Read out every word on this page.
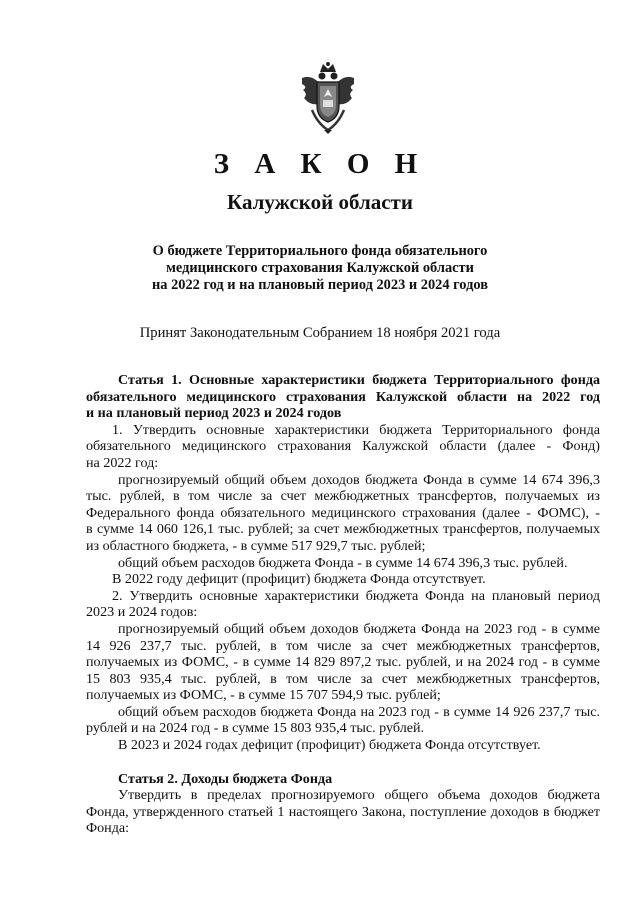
З А К О Н
Калужской области
О бюджете Территориального фонда обязательного
медицинского страхования Калужской области
на 2022 год и на плановый период 2023 и 2024 годов
Принят Законодательным Собранием 18 ноября 2021 года
Статья 1. Основные характеристики бюджета Территориального фонда
обязательного медицинского страхования Калужской области на 2022 год
и на плановый период 2023 и 2024 годов
1. Утвердить основные характеристики бюджета Территориального фонда
обязательного медицинского страхования Калужской области (далее - Фонд)
на 2022 год:
прогнозируемый общий объем доходов бюджета Фонда в сумме 14 674 396,3
тыс. рублей, в том числе за счет межбюджетных трансфертов, получаемых из
Федерального фонда обязательного медицинского страхования (далее - ФОМС), -
в сумме 14 060 126,1 тыс. рублей; за счет межбюджетных трансфертов, получаемых
из областного бюджета, - в сумме 517 929,7 тыс. рублей;
общий объем расходов бюджета Фонда - в сумме 14 674 396,3 тыс. рублей.
В 2022 году дефицит (профицит) бюджета Фонда отсутствует.
2. Утвердить основные характеристики бюджета Фонда на плановый период
2023 и 2024 годов:
прогнозируемый общий объем доходов бюджета Фонда на 2023 год - в сумме
14 926 237,7 тыс. рублей, в том числе за счет межбюджетных трансфертов,
получаемых из ФОМС, - в сумме 14 829 897,2 тыс. рублей, и на 2024 год - в сумме
15 803 935,4 тыс. рублей, в том числе за счет межбюджетных трансфертов,
получаемых из ФОМС, - в сумме 15 707 594,9 тыс. рублей;
общий объем расходов бюджета Фонда на 2023 год - в сумме 14 926 237,7 тыс.
рублей и на 2024 год - в сумме 15 803 935,4 тыс. рублей.
В 2023 и 2024 годах дефицит (профицит) бюджета Фонда отсутствует.
Статья 2. Доходы бюджета Фонда
Утвердить в пределах прогнозируемого общего объема доходов бюджета
Фонда, утвержденного статьей 1 настоящего Закона, поступление доходов в бюджет
Фонда:
